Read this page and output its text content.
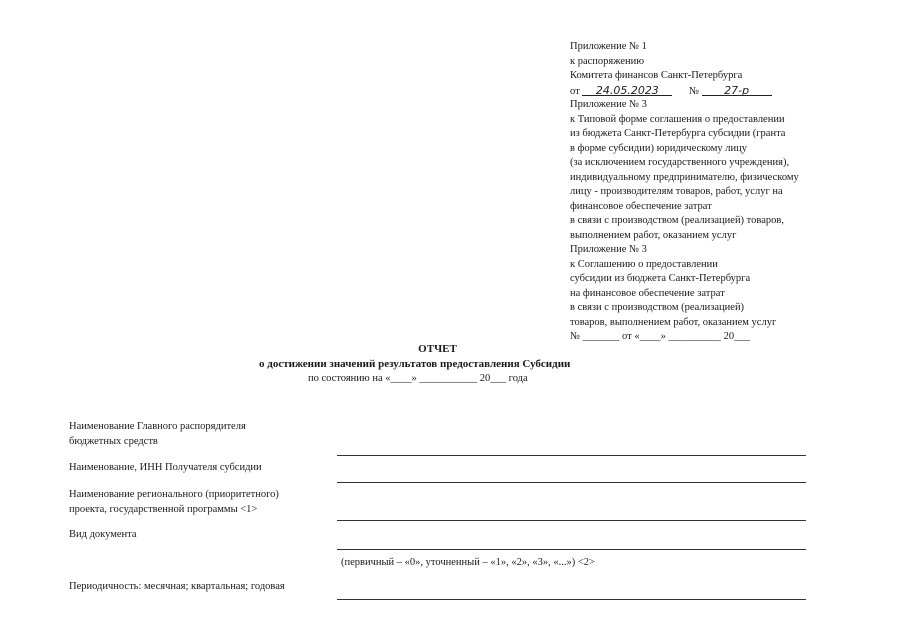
Приложение № 1
к распоряжению
Комитета финансов Санкт-Петербурга
от 24.05.2023	№ 27-р
Приложение № 3
к Типовой форме соглашения о предоставлении
из бюджета Санкт-Петербурга субсидии (гранта
в форме субсидии) юридическому лицу
(за исключением государственного учреждения),
индивидуальному предпринимателю, физическому
лицу - производителям товаров, работ, услуг на
финансовое обеспечение затрат
в связи с производством (реализацией) товаров,
выполнением работ, оказанием услуг
Приложение № 3
к Соглашению о предоставлении
субсидии из бюджета Санкт-Петербурга
на финансовое обеспечение затрат
в связи с производством (реализацией)
товаров, выполнением работ, оказанием услуг
№ _______ от «____» __________ 20___
ОТЧЕТ
о достижении значений результатов предоставления Субсидии
по состоянию на «____» ___________ 20___ года
Наименование Главного распорядителя
бюджетных средств
Наименование, ИНН Получателя субсидии
Наименование регионального (приоритетного)
проекта, государственной программы <1>
Вид документа
(первичный – «0», уточненный – «1», «2», «3», «...») <2>
Периодичность: месячная; квартальная; годовая
